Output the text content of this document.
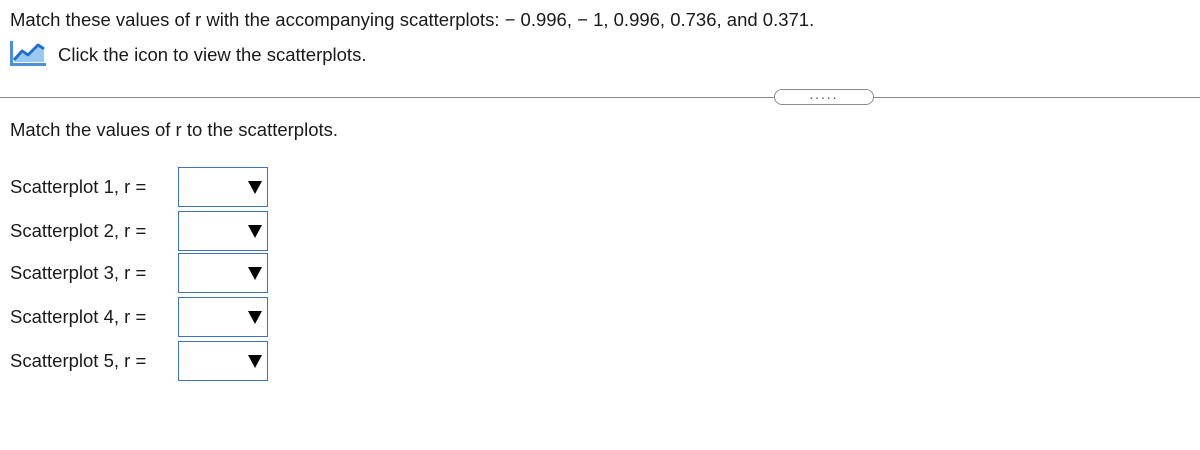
Match these values of r with the accompanying scatterplots: − 0.996, − 1, 0.996, 0.736, and 0.371.
Click the icon to view the scatterplots.
.....
Match the values of r to the scatterplots.
Scatterplot 1, r =
Scatterplot 2, r =
Scatterplot 3, r =
Scatterplot 4, r =
Scatterplot 5, r =
